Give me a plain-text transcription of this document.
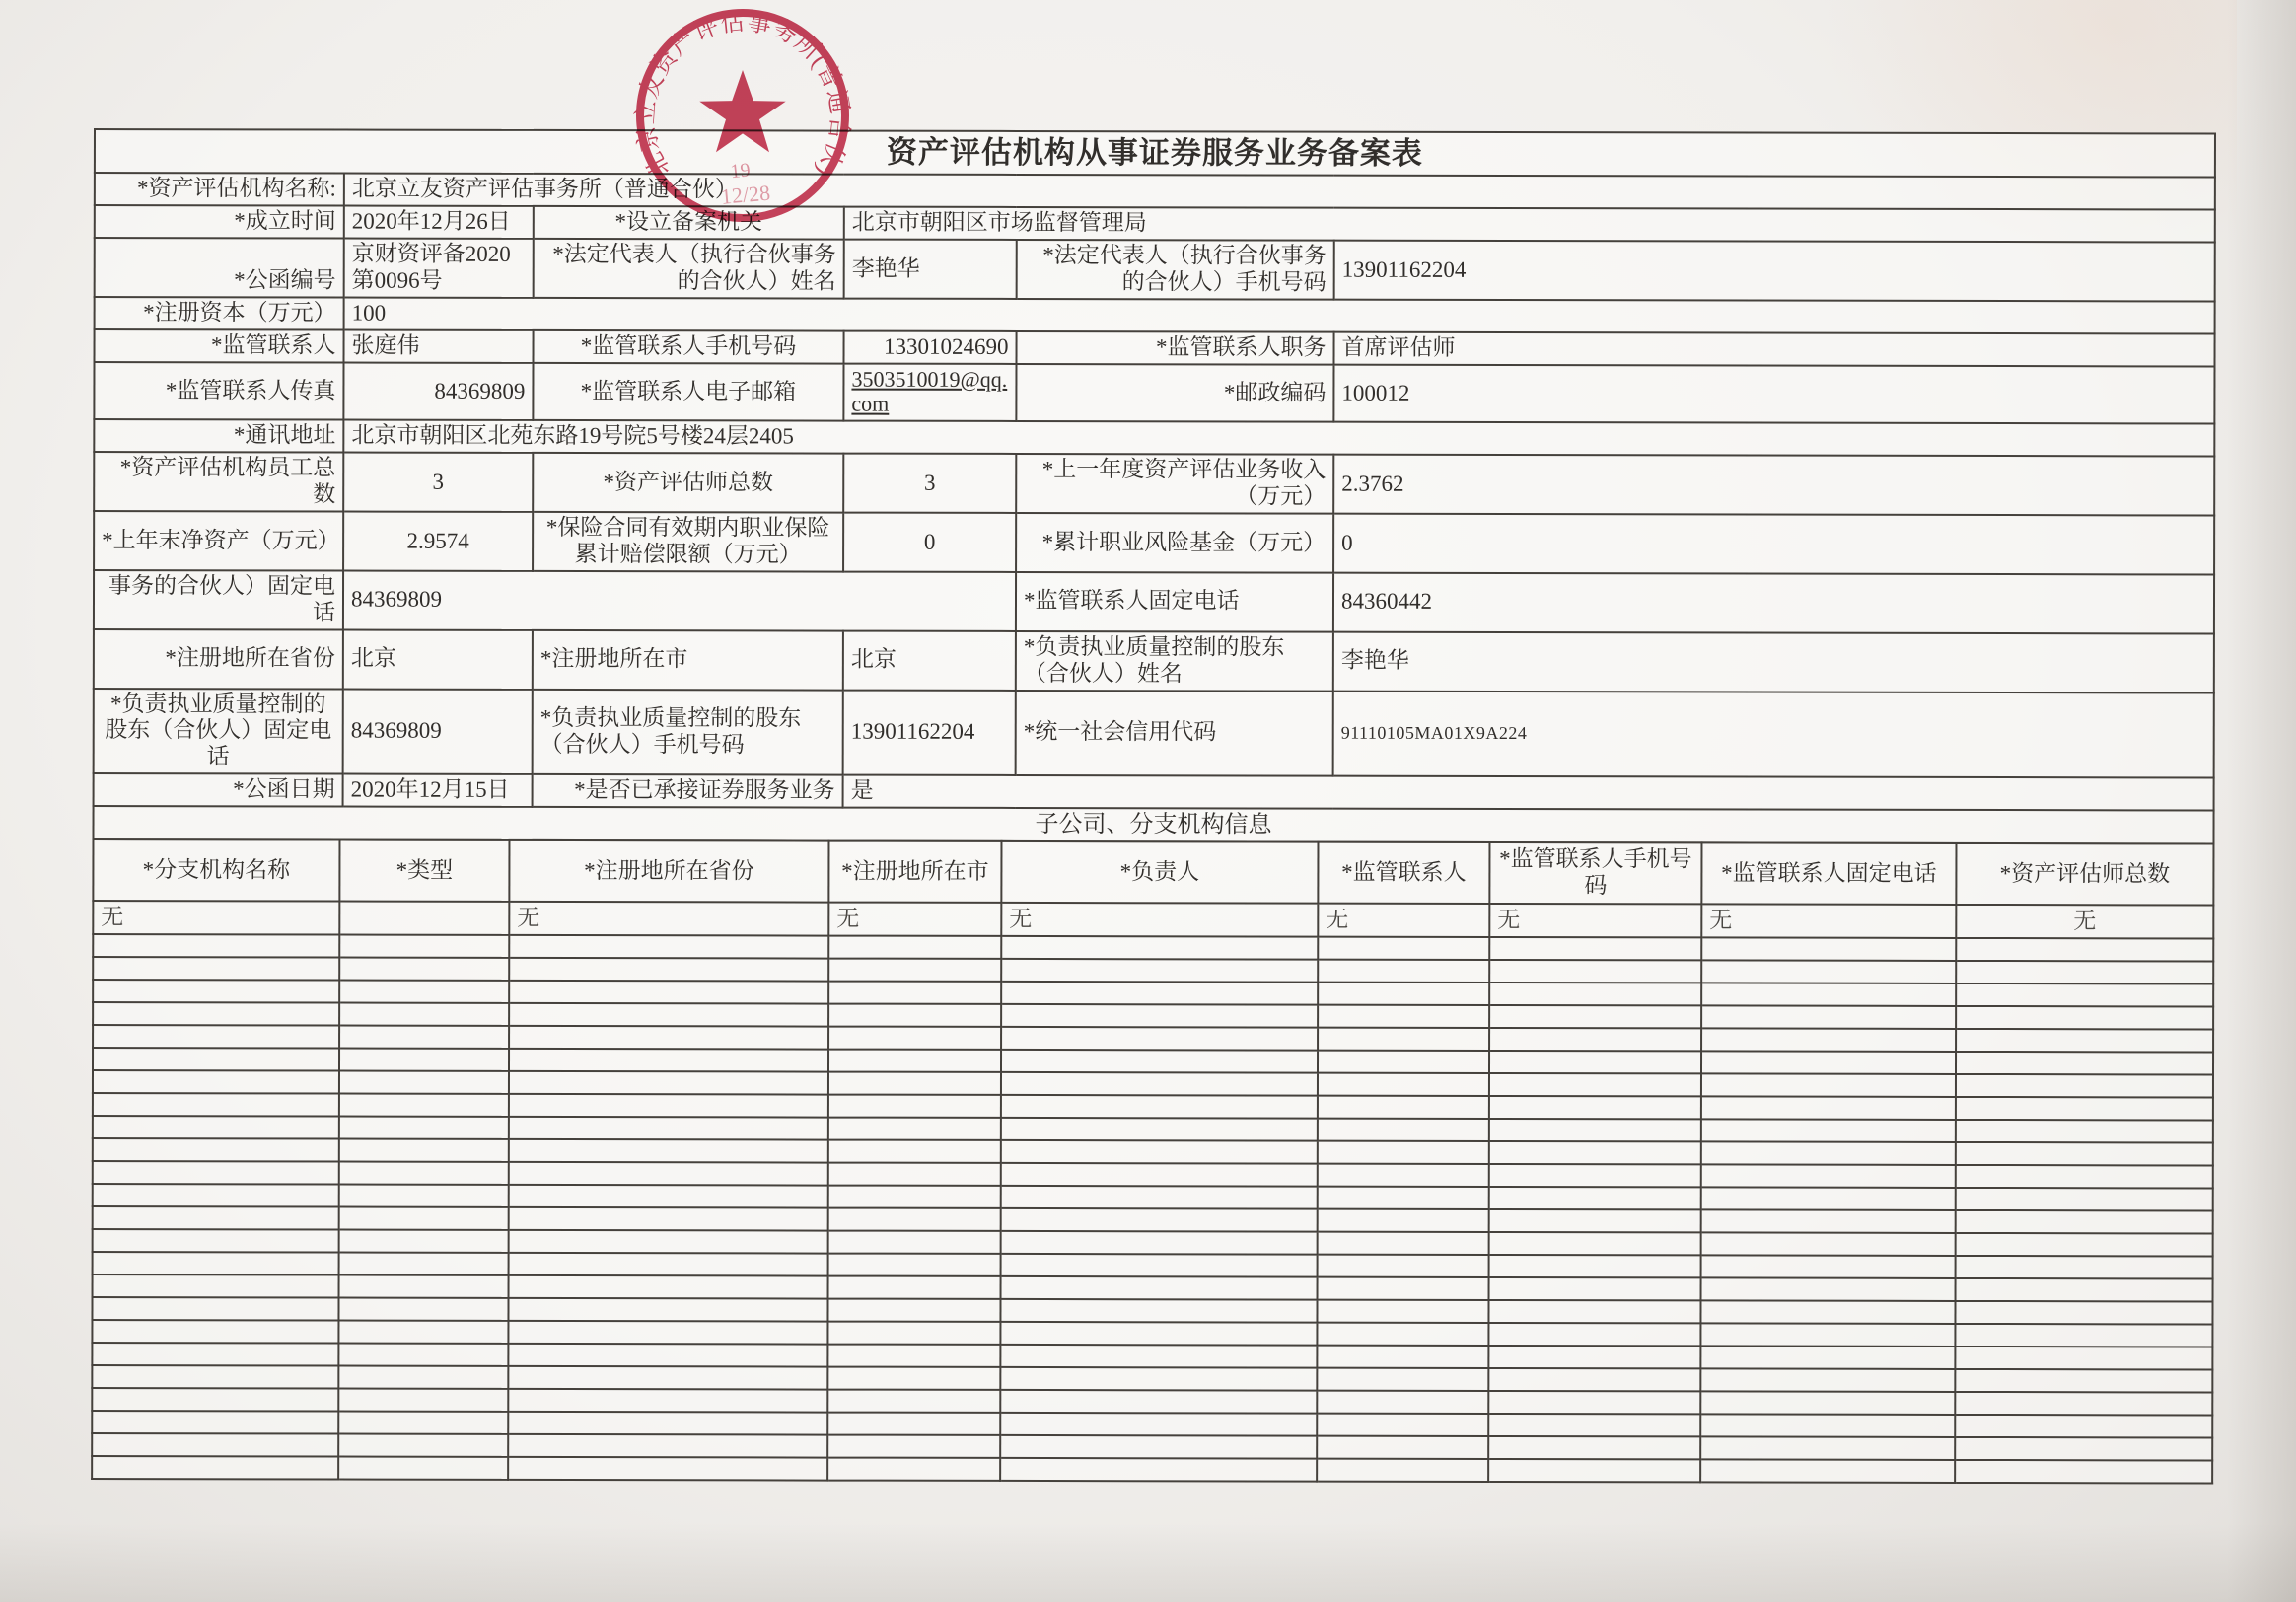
资产评估机构从事证券服务业务备案表					
*资产评估机构名称:	北京立友资产评估事务所（普通合伙）				
*成立时间	2020年12月26日	*设立备案机关	北京市朝阳区市场监督管理局		
*公函编号	京财资评备2020第0096号	*法定代表人（执行合伙事务的合伙人）姓名	李艳华	*法定代表人（执行合伙事务的合伙人）手机号码	13901162204
*注册资本（万元）	100				
*监管联系人	张庭伟	*监管联系人手机号码	13301024690	*监管联系人职务	首席评估师
*监管联系人传真	84369809	*监管联系人电子邮箱	3503510019@qq.com	*邮政编码	100012
*通讯地址	北京市朝阳区北苑东路19号院5号楼24层2405				
*资产评估机构员工总数	3	*资产评估师总数	3	*上一年度资产评估业务收入（万元）	2.3762
*上年末净资产（万元）	2.9574	*保险合同有效期内职业保险累计赔偿限额（万元）	0	*累计职业风险基金（万元）	0
事务的合伙人）固定电话	84369809			*监管联系人固定电话	84360442
*注册地所在省份	北京	*注册地所在市	北京	*负责执业质量控制的股东（合伙人）姓名	李艳华
*负责执业质量控制的股东（合伙人）固定电话	84369809	*负责执业质量控制的股东（合伙人）手机号码	13901162204	*统一社会信用代码	91110105MA01X9A224
*公函日期	2020年12月15日	*是否已承接证券服务业务	是		
子公司、分支机构信息					
*分支机构名称	*类型	*注册地所在省份	*注册地所在市	*负责人	*监管联系人	*监管联系人手机号码	*监管联系人固定电话	*资产评估师总数
无		无	无	无	无	无	无	无

北京立友资产评估事务所(普通合伙)
19
12/28
